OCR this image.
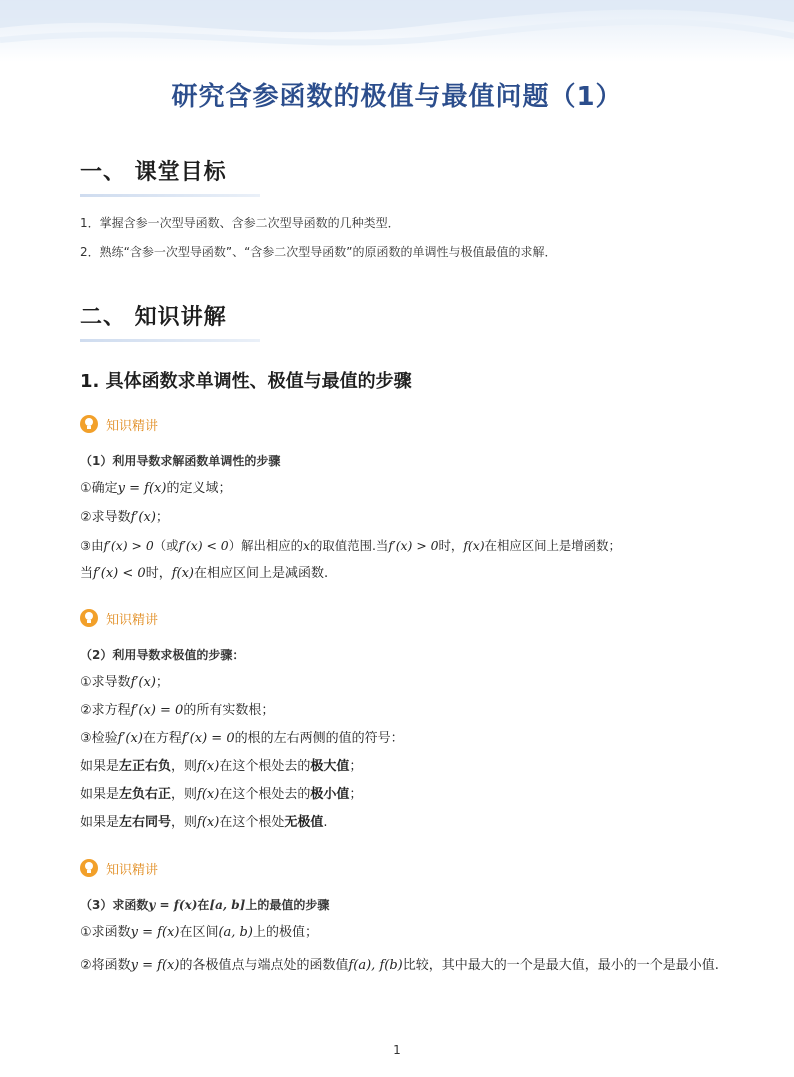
研究含参函数的极值与最值问题（1）
一、 课堂目标
1．掌握含参一次型导函数、含参二次型导函数的几种类型．
2．熟练“含参一次型导函数”、“含参二次型导函数”的原函数的单调性与极值最值的求解．
二、 知识讲解
1. 具体函数求单调性、极值与最值的步骤
知识精讲
（1）利用导数求解函数单调性的步骤
①确定y = f(x)的定义域；
②求导数f′(x)；
③由f′(x) > 0（或f′(x) < 0）解出相应的x的取值范围.当f′(x) > 0时，f(x)在相应区间上是增函数；
当f′(x) < 0时，f(x)在相应区间上是减函数.
知识精讲
（2）利用导数求极值的步骤：
①求导数f′(x)；
②求方程f′(x) = 0的所有实数根；
③检验f′(x)在方程f′(x) = 0的根的左右两侧的值的符号：
如果是左正右负，则f(x)在这个根处去的极大值；
如果是左负右正，则f(x)在这个根处去的极小值；
如果是左右同号，则f(x)在这个根处无极值.
知识精讲
（3）求函数y = f(x)在[a, b]上的最值的步骤
①求函数y = f(x)在区间(a, b)上的极值；
②将函数y = f(x)的各极值点与端点处的函数值f(a), f(b)比较，其中最大的一个是最大值，最小的一个是最小值.
1
